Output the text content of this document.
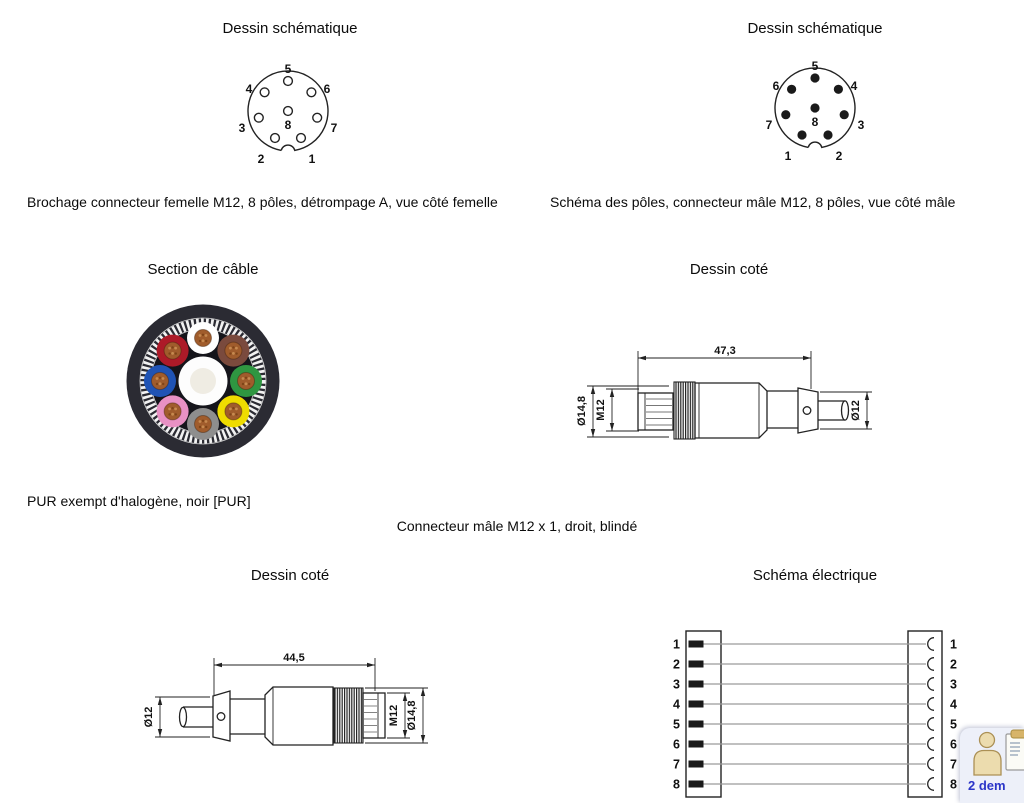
Dessin schématique	Dessin schématique
5
4	6
3	7
8
2	1
5
6	4
7	3
8
1	2
Brochage connecteur femelle M12, 8 pôles, détrompage A, vue côté femelle	Schéma des pôles, connecteur mâle M12, 8 pôles, vue côté mâle
Section de câble	Dessin coté
47,3
Ø14,8 M12	Ø12
PUR exempt d'halogène, noir [PUR]
Connecteur mâle M12 x 1, droit, blindé
Dessin coté	Schéma électrique
44,5
Ø12	M12 Ø14,8
1
2
3
4
5
6
7
8
1
2
3
4
5
6
7
8 2 dem
